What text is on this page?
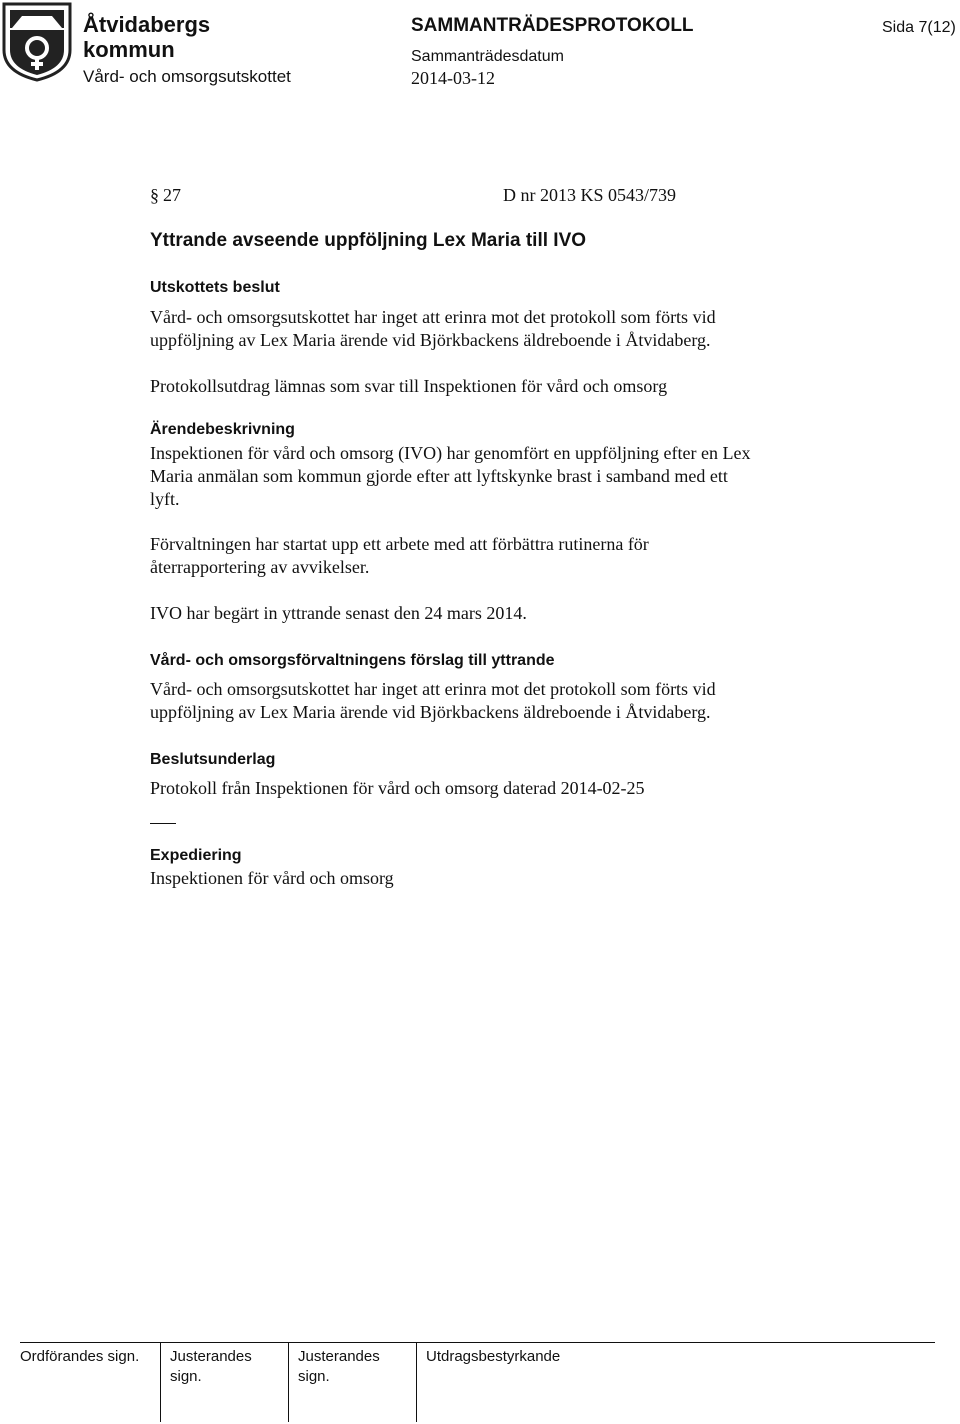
Åtvidabergs
kommun
Vård- och omsorgsutskottet
SAMMANTRÄDESPROTOKOLL
Sammanträdesdatum
2014-03-12
Sida 7(12)
§ 27	D nr 2013 KS 0543/739
Yttrande avseende uppföljning Lex Maria till IVO
Utskottets beslut
Vård- och omsorgsutskottet har inget att erinra mot det protokoll som förts vid
uppföljning av Lex Maria ärende vid Björkbackens äldreboende i Åtvidaberg.
Protokollsutdrag lämnas som svar till Inspektionen för vård och omsorg
Ärendebeskrivning
Inspektionen för vård och omsorg (IVO) har genomfört en uppföljning efter en Lex
Maria anmälan som kommun gjorde efter att lyftskynke brast i samband med ett
lyft.
Förvaltningen har startat upp ett arbete med att förbättra rutinerna för
återrapportering av avvikelser.
IVO har begärt in yttrande senast den 24 mars 2014.
Vård- och omsorgsförvaltningens förslag till yttrande
Vård- och omsorgsutskottet har inget att erinra mot det protokoll som förts vid
uppföljning av Lex Maria ärende vid Björkbackens äldreboende i Åtvidaberg.
Beslutsunderlag
Protokoll från Inspektionen för vård och omsorg daterad 2014-02-25
Expediering
Inspektionen för vård och omsorg
Ordförandes sign. Justerandes
sign.
Justerandes
sign.
Utdragsbestyrkande
